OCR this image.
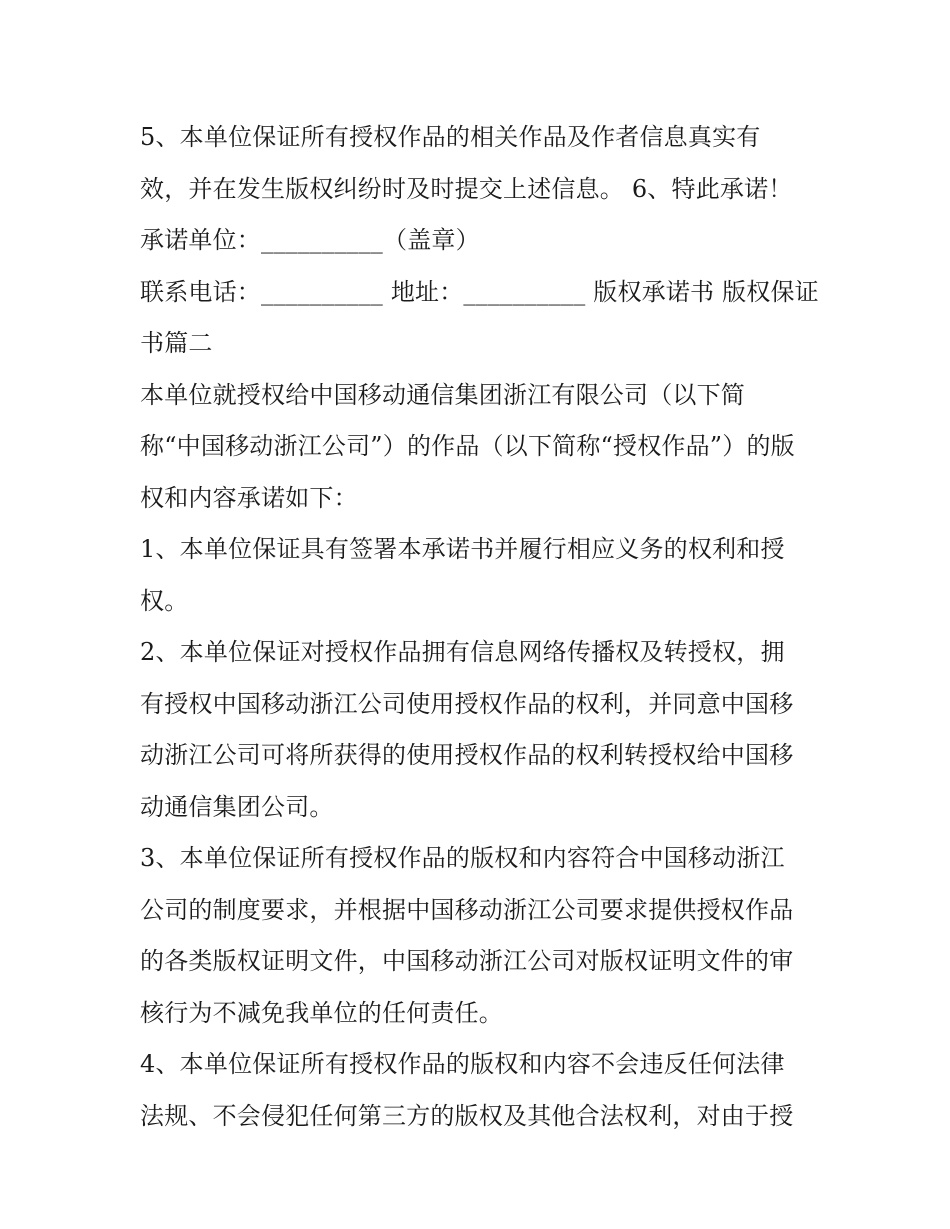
5、本单位保证所有授权作品的相关作品及作者信息真实有
效，并在发生版权纠纷时及时提交上述信息。 6、特此承诺！
承诺单位：__________（盖章）
联系电话：__________ 地址：__________ 版权承诺书 版权保证
书篇二
本单位就授权给中国移动通信集团浙江有限公司（以下简
称“中国移动浙江公司”）的作品（以下简称“授权作品”）的版
权和内容承诺如下：
1、本单位保证具有签署本承诺书并履行相应义务的权利和授
权。
2、本单位保证对授权作品拥有信息网络传播权及转授权，拥
有授权中国移动浙江公司使用授权作品的权利，并同意中国移
动浙江公司可将所获得的使用授权作品的权利转授权给中国移
动通信集团公司。
3、本单位保证所有授权作品的版权和内容符合中国移动浙江
公司的制度要求，并根据中国移动浙江公司要求提供授权作品
的各类版权证明文件，中国移动浙江公司对版权证明文件的审
核行为不减免我单位的任何责任。
4、本单位保证所有授权作品的版权和内容不会违反任何法律
法规、不会侵犯任何第三方的版权及其他合法权利，对由于授
